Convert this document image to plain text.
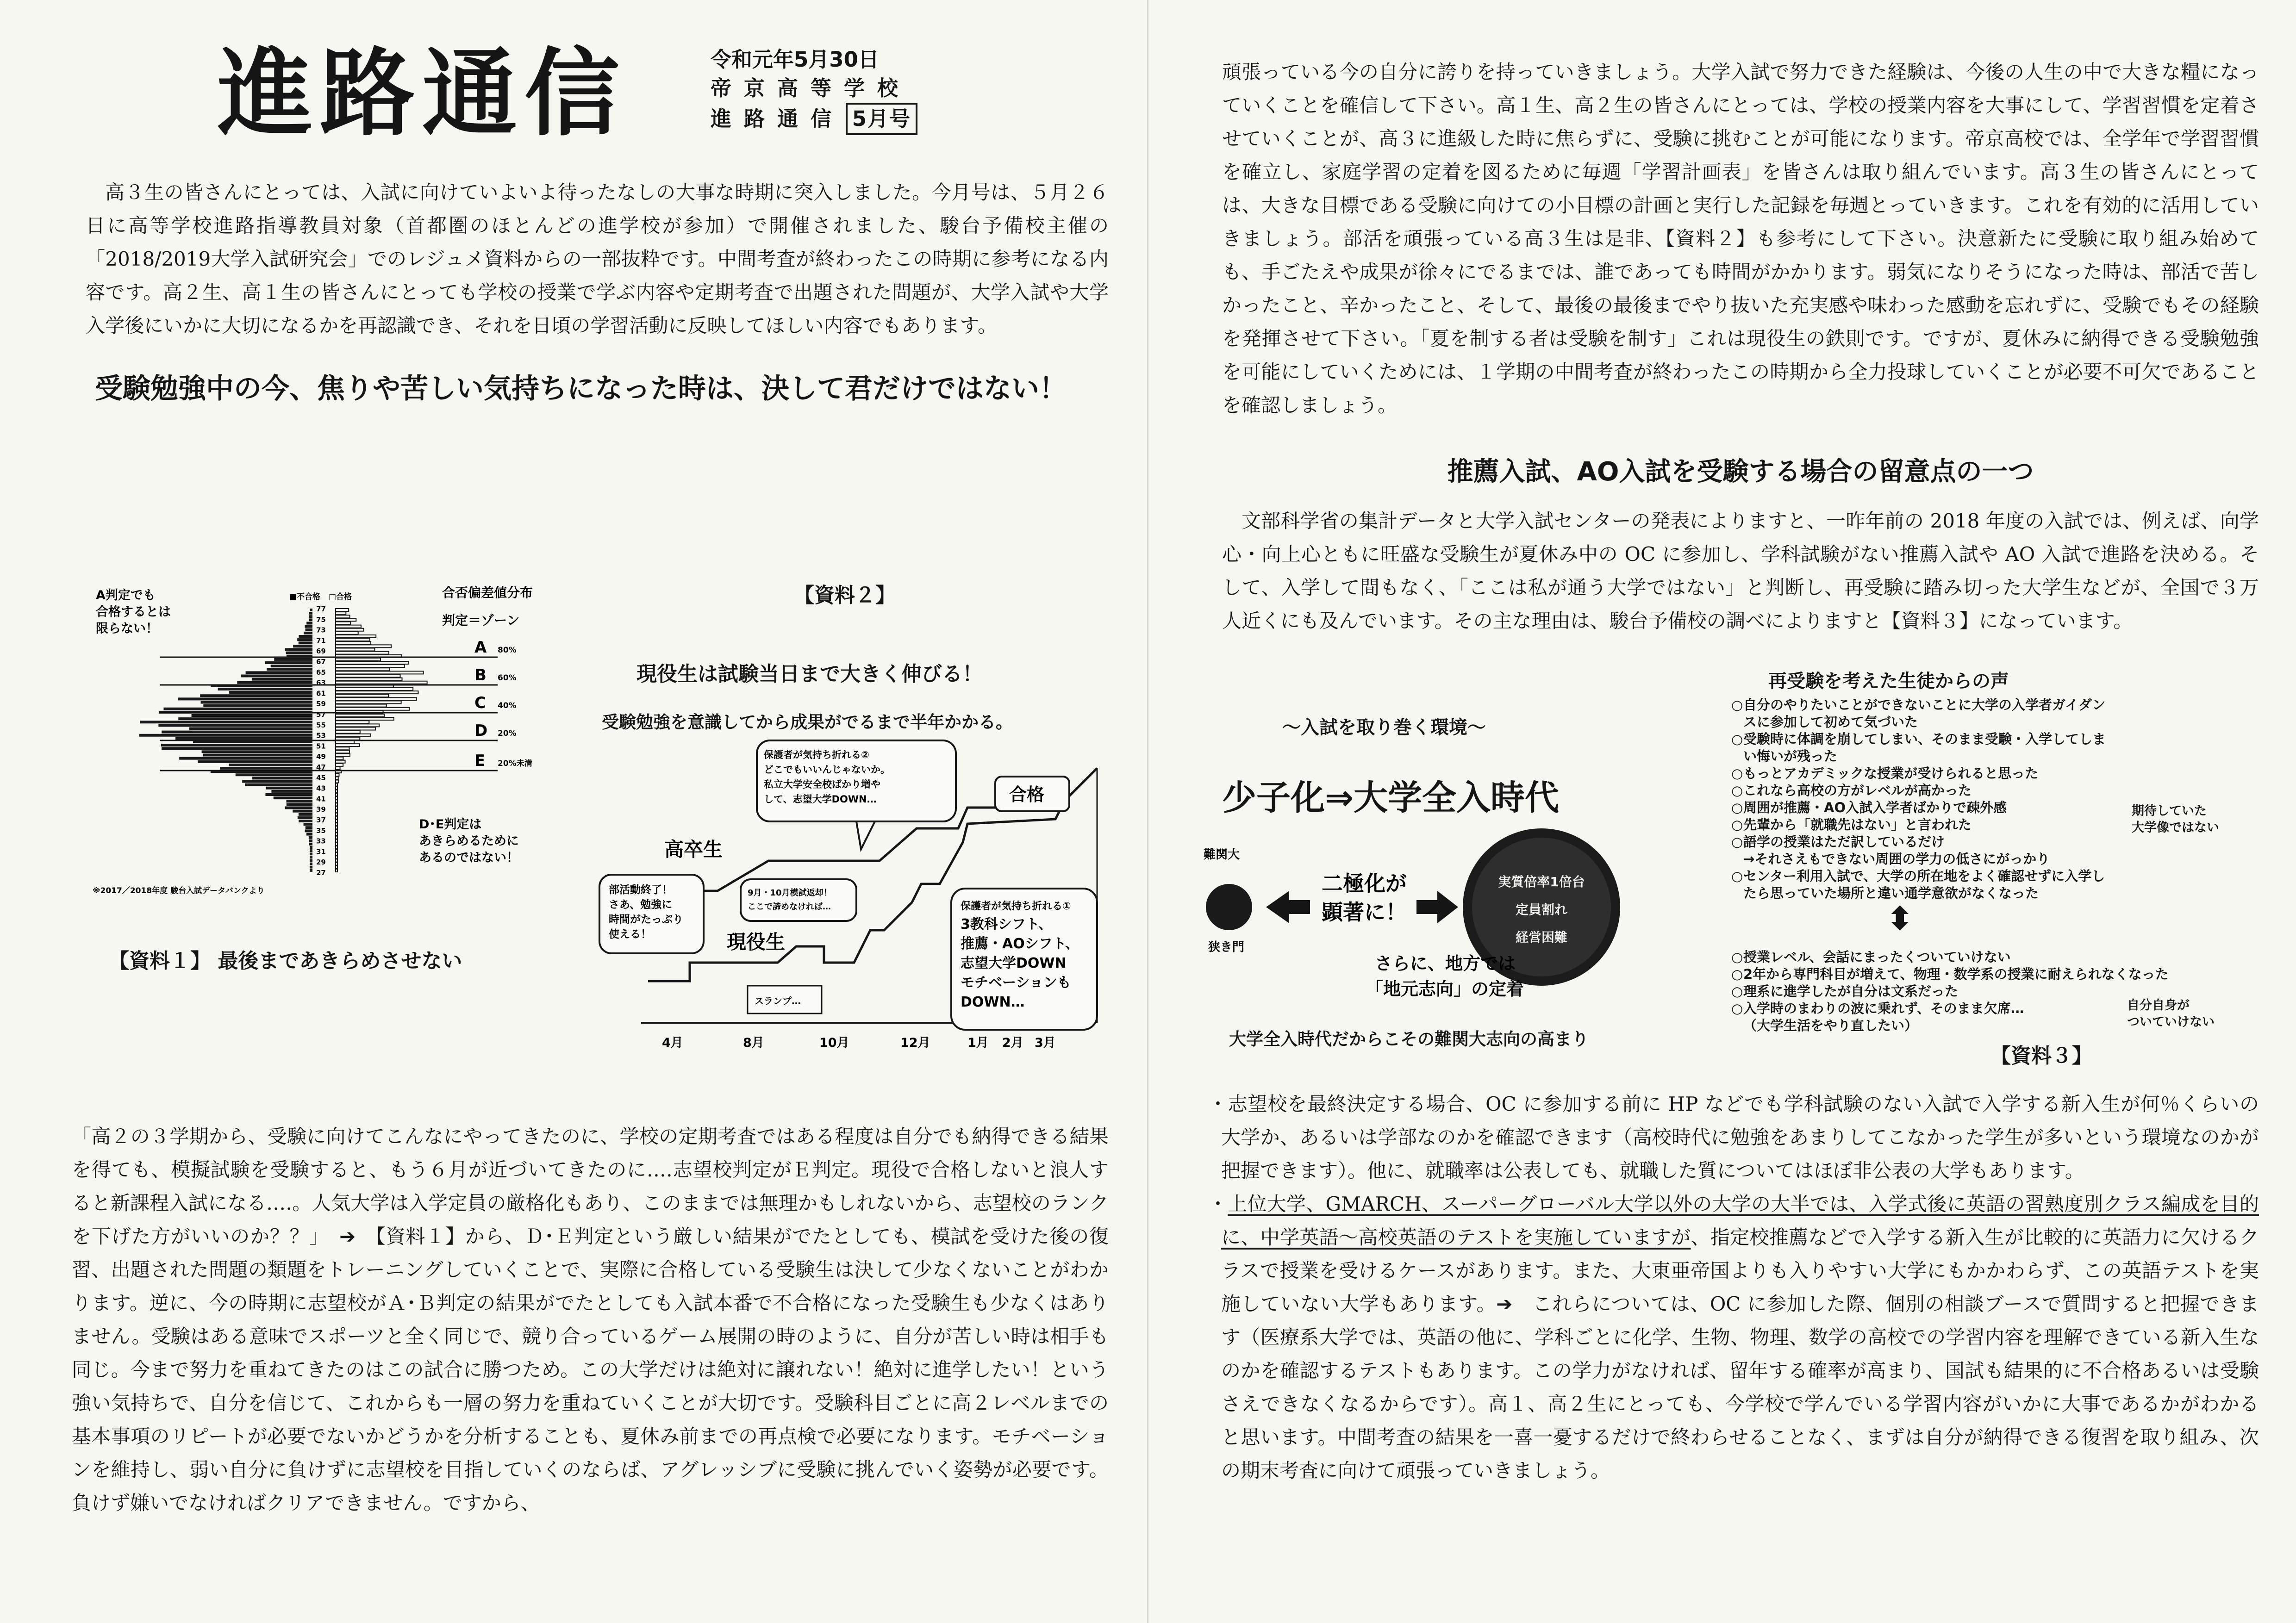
進路通信	令和元年5月30日
帝京高等学校
進路通信 5月号

高３生の皆さんにとっては、入試に向けていよいよ待ったなしの大事な時期に突入しました。今月号は、５月２６日に高等学校進路指導教員対象（首都圏のほとんどの進学校が参加）で開催されました、駿台予備校主催の「2018/2019大学入試研究会」でのレジュメ資料からの一部抜粋です。中間考査が終わったこの時期に参考になる内容です。高２生、高１生の皆さんにとっても学校の授業で学ぶ内容や定期考査で出題された問題が、大学入試や大学入学後にいかに大切になるかを再認識でき、それを日頃の学習活動に反映してほしい内容でもあります。

受験勉強中の今、焦りや苦しい気持ちになった時は、決して君だけではない！
A判定でも合格するとは限らない！
■不合格 □合格	合否偏差値分布
判定＝ゾーン
77
75
73
71
69
67
65
63
61
59
57
55
53
51
49
47
45
43
41
39
37
35
33
31
29
27
A 80%
B 60%
C 40%
D 20%
E 20%未満
D･E判定はあきらめるためにあるのではない！
※2017／2018年度 駿台入試データバンクより
【資料１】 最後まであきらめさせない
【資料２】
現役生は試験当日まで大きく伸びる！
受験勉強を意識してから成果がでるまで半年かかる。
保護者が気持ち折れる② どこでもいいんじゃないか。私立大学安全校ばかり増やして、志望大学DOWN…	合格
高卒生
部活動終了！さあ、勉強に時間がたっぷり使える！
9月・10月模試返却！ここで諦めなければ…
現役生
保護者が気持ち折れる① 3教科シフト、推薦・AOシフト、志望大学DOWN モチベーションも DOWN…
スランプ…
4月	8月	10月	12月	1月 2月 3月

「高２の３学期から、受験に向けてこんなにやってきたのに、学校の定期考査ではある程度は自分でも納得できる結果を得ても、模擬試験を受験すると、もう６月が近づいてきたのに‥‥志望校判定がＥ判定。現役で合格しないと浪人すると新課程入試になる‥‥。人気大学は入学定員の厳格化もあり、このままでは無理かもしれないから、志望校のランクを下げた方がいいのか？？」　➔　【資料１】から、Ｄ･Ｅ判定という厳しい結果がでたとしても、模試を受けた後の復習、出題された問題の類題をトレーニングしていくことで、実際に合格している受験生は決して少なくないことがわかります。逆に、今の時期に志望校がＡ･Ｂ判定の結果がでたとしても入試本番で不合格になった受験生も少なくはありません。受験はある意味でスポーツと全く同じで、競り合っているゲーム展開の時のように、自分が苦しい時は相手も同じ。今まで努力を重ねてきたのはこの試合に勝つため。この大学だけは絶対に譲れない！絶対に進学したい！という強い気持ちで、自分を信じて、これからも一層の努力を重ねていくことが大切です。受験科目ごとに高２レベルまでの基本事項のリピートが必要でないかどうかを分析することも、夏休み前までの再点検で必要になります。モチベーションを維持し、弱い自分に負けずに志望校を目指していくのならば、アグレッシブに受験に挑んでいく姿勢が必要です。負けず嫌いでなければクリアできません。ですから、

頑張っている今の自分に誇りを持っていきましょう。大学入試で努力できた経験は、今後の人生の中で大きな糧になっていくことを確信して下さい。高１生、高２生の皆さんにとっては、学校の授業内容を大事にして、学習習慣を定着させていくことが、高３に進級した時に焦らずに、受験に挑むことが可能になります。帝京高校では、全学年で学習習慣を確立し、家庭学習の定着を図るために毎週「学習計画表」を皆さんは取り組んでいます。高３生の皆さんにとっては、大きな目標である受験に向けての小目標の計画と実行した記録を毎週とっていきます。これを有効的に活用していきましょう。部活を頑張っている高３生は是非、【資料２】も参考にして下さい。決意新たに受験に取り組み始めても、手ごたえや成果が徐々にでるまでは、誰であっても時間がかかります。弱気になりそうになった時は、部活で苦しかったこと、辛かったこと、そして、最後の最後までやり抜いた充実感や味わった感動を忘れずに、受験でもその経験を発揮させて下さい。「夏を制する者は受験を制す」これは現役生の鉄則です。ですが、夏休みに納得できる受験勉強を可能にしていくためには、１学期の中間考査が終わったこの時期から全力投球していくことが必要不可欠であることを確認しましょう。

推薦入試、AO入試を受験する場合の留意点の一つ

文部科学省の集計データと大学入試センターの発表によりますと、一昨年前の 2018 年度の入試では、例えば、向学心・向上心ともに旺盛な受験生が夏休み中の OC に参加し、学科試験がない推薦入試や AO 入試で進路を決める。そして、入学して間もなく、「ここは私が通う大学ではない」と判断し、再受験に踏み切った大学生などが、全国で３万人近くにも及んでいます。その主な理由は、駿台予備校の調べによりますと【資料３】になっています。

～入試を取り巻く環境～
少子化⇒大学全入時代
難関大
狭き門
二極化が顕著に！
実質倍率1倍台
定員割れ
経営困難
さらに、地方では「地元志向」の定着
大学全入時代だからこその難関大志向の高まり
再受験を考えた生徒からの声
○ 自分のやりたいことができないことに大学の入学者ガイダンスに参加して初めて気づいた
○ 受験時に体調を崩してしまい、そのまま受験・入学してしまい悔いが残った
○ もっとアカデミックな授業が受けられると思った
○ これなら高校の方がレベルが高かった
○ 周囲が推薦・AO入試入学者ばかりで疎外感
○ 先輩から「就職先はない」と言われた
○ 語学の授業はただ訳しているだけ
→それさえもできない周囲の学力の低さにがっかり
○ センター利用入試で、大学の所在地をよく確認せずに入学したら思っていた場所と違い通学意欲がなくなった
期待していた
大学像ではない
⬍
○ 授業レベル、会話にまったくついていけない
○ 2年から専門科目が増えて、物理・数学系の授業に耐えられなくなった
○ 理系に進学したが自分は文系だった
○ 入学時のまわりの波に乗れず、そのまま欠席…
（大学生活をやり直したい）
自分自身が
ついていけない
【資料３】

・志望校を最終決定する場合、OC に参加する前に HP などでも学科試験のない入試で入学する新入生が何％くらいの大学か、あるいは学部なのかを確認できます（高校時代に勉強をあまりしてこなかった学生が多いという環境なのかが把握できます）。他に、就職率は公表しても、就職した質についてはほぼ非公表の大学もあります。

・上位大学、GMARCH、スーパーグローバル大学以外の大学の大半では、入学式後に英語の習熟度別クラス編成を目的に、中学英語～高校英語のテストを実施していますが、指定校推薦などで入学する新入生が比較的に英語力に欠けるクラスで授業を受けるケースがあります。また、大東亜帝国よりも入りやすい大学にもかかわらず、この英語テストを実施していない大学もあります。➔　これらについては、OC に参加した際、個別の相談ブースで質問すると把握できます（医療系大学では、英語の他に、学科ごとに化学、生物、物理、数学の高校での学習内容を理解できている新入生なのかを確認するテストもあります。この学力がなければ、留年する確率が高まり、国試も結果的に不合格あるいは受験さえできなくなるからです）。高１、高２生にとっても、今学校で学んでいる学習内容がいかに大事であるかがわかると思います。中間考査の結果を一喜一憂するだけで終わらせることなく、まずは自分が納得できる復習を取り組み、次の期末考査に向けて頑張っていきましょう。
